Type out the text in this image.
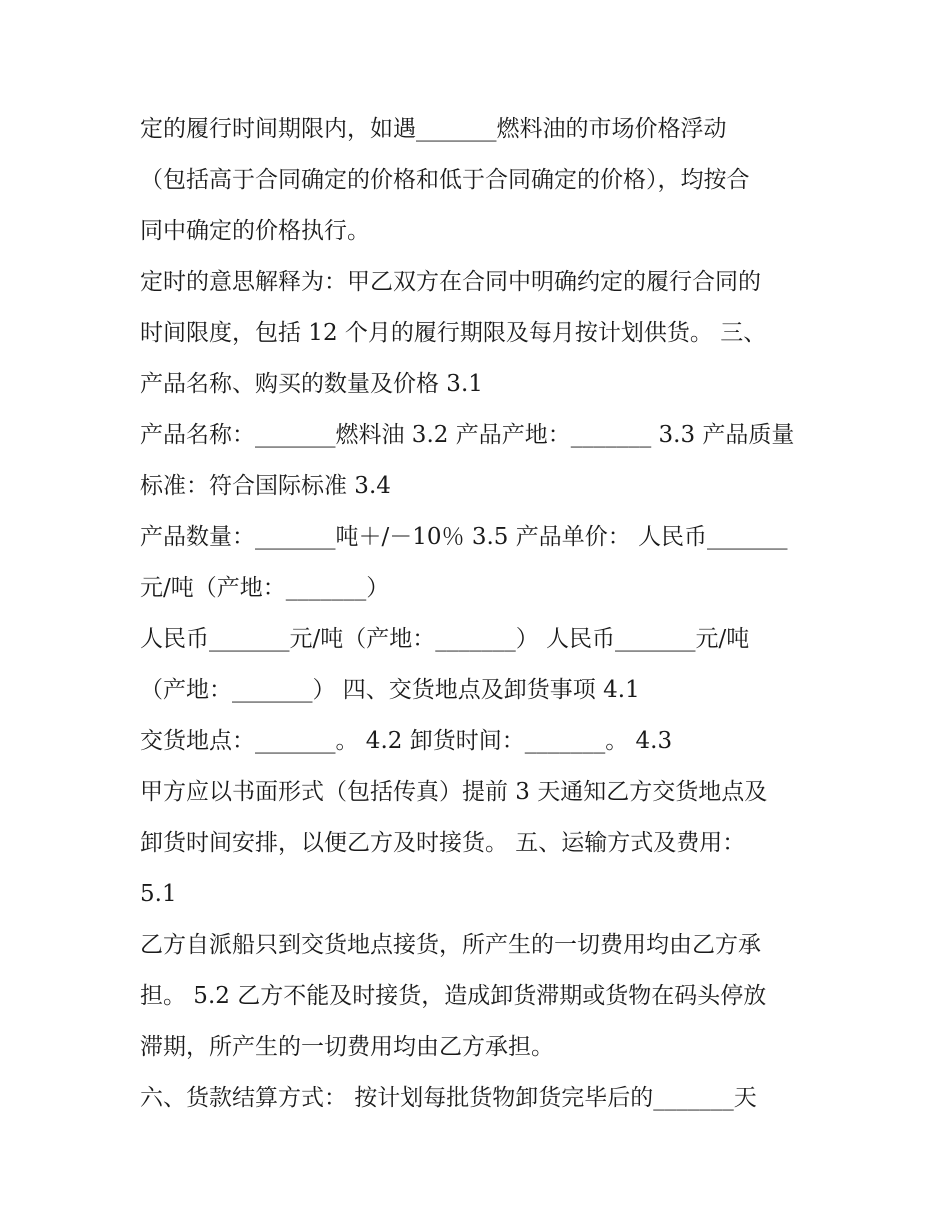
定的履行时间期限内，如遇_______燃料油的市场价格浮动
（包括高于合同确定的价格和低于合同确定的价格），均按合
同中确定的价格执行。
定时的意思解释为：甲乙双方在合同中明确约定的履行合同的
时间限度，包括 12 个月的履行期限及每月按计划供货。 三、
产品名称、购买的数量及价格 3.1
产品名称：_______燃料油 3.2 产品产地：_______ 3.3 产品质量
标准：符合国际标准 3.4
产品数量：_______吨＋/－10％ 3.5 产品单价： 人民币_______
元/吨（产地：_______）
人民币_______元/吨（产地：_______） 人民币_______元/吨
（产地：_______） 四、交货地点及卸货事项 4.1
交货地点：_______。 4.2 卸货时间：_______。 4.3
甲方应以书面形式（包括传真）提前 3 天通知乙方交货地点及
卸货时间安排，以便乙方及时接货。 五、运输方式及费用：
5.1
乙方自派船只到交货地点接货，所产生的一切费用均由乙方承
担。 5.2 乙方不能及时接货，造成卸货滞期或货物在码头停放
滞期，所产生的一切费用均由乙方承担。
六、货款结算方式： 按计划每批货物卸货完毕后的_______天
